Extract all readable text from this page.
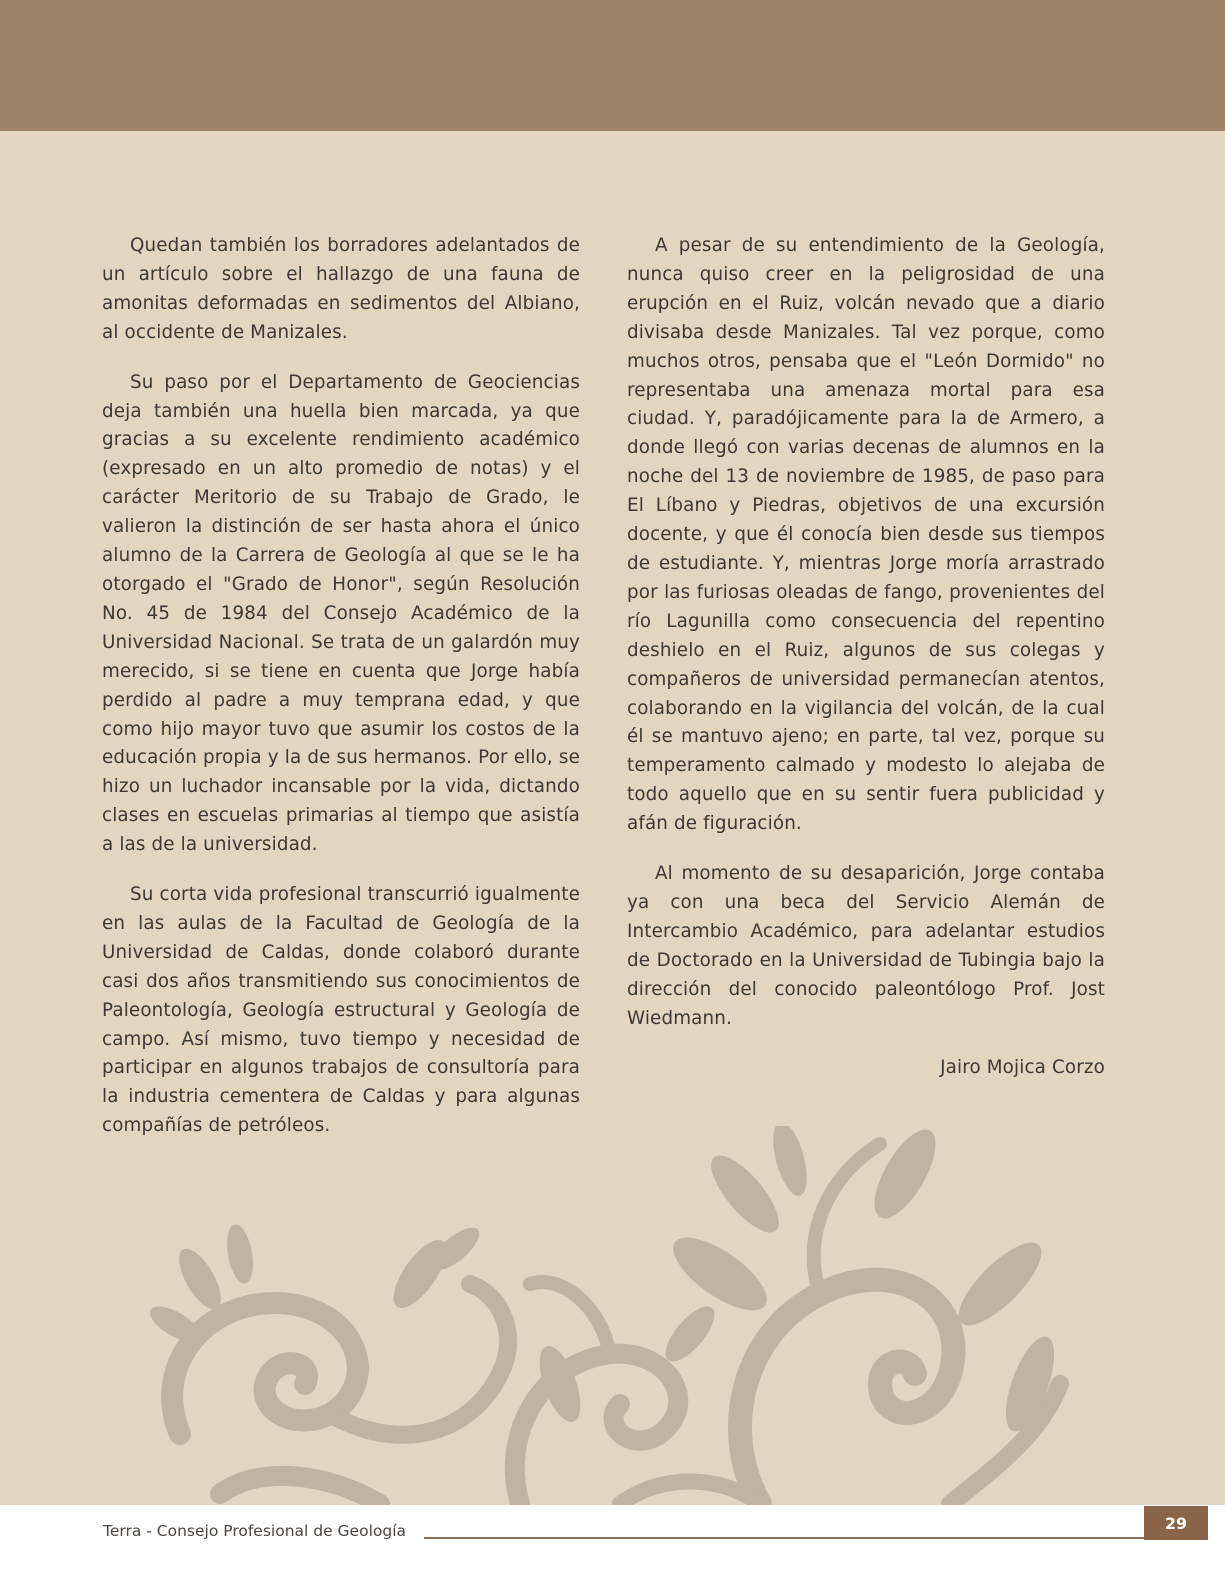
Quedan también los borradores adelantados de un artículo sobre el hallazgo de una fauna de amonitas deformadas en sedimentos del Albiano, al occidente de Manizales.

Su paso por el Departamento de Geociencias deja también una huella bien marcada, ya que gracias a su excelente rendimiento académico (expresado en un alto promedio de notas) y el carácter Meritorio de su Trabajo de Grado, le valieron la distinción de ser hasta ahora el único alumno de la Carrera de Geología al que se le ha otorgado el "Grado de Honor", según Resolución No. 45 de 1984 del Consejo Académico de la Universidad Nacional. Se trata de un galardón muy merecido, si se tiene en cuenta que Jorge había perdido al padre a muy temprana edad, y que como hijo mayor tuvo que asumir los costos de la educación propia y la de sus hermanos. Por ello, se hizo un luchador incansable por la vida, dictando clases en escuelas primarias al tiempo que asistía a las de la universidad.

Su corta vida profesional transcurrió igualmente en las aulas de la Facultad de Geología de la Universidad de Caldas, donde colaboró durante casi dos años transmitiendo sus conocimientos de Paleontología, Geología estructural y Geología de campo. Así mismo, tuvo tiempo y necesidad de participar en algunos trabajos de consultoría para la industria cementera de Caldas y para algunas compañías de petróleos.

A pesar de su entendimiento de la Geología, nunca quiso creer en la peligrosidad de una erupción en el Ruiz, volcán nevado que a diario divisaba desde Manizales. Tal vez porque, como muchos otros, pensaba que el "León Dormido" no representaba una amenaza mortal para esa ciudad. Y, paradójicamente para la de Armero, a donde llegó con varias decenas de alumnos en la noche del 13 de noviembre de 1985, de paso para El Líbano y Piedras, objetivos de una excursión docente, y que él conocía bien desde sus tiempos de estudiante. Y, mientras Jorge moría arrastrado por las furiosas oleadas de fango, provenientes del río Lagunilla como consecuencia del repentino deshielo en el Ruiz, algunos de sus colegas y compañeros de universidad permanecían atentos, colaborando en la vigilancia del volcán, de la cual él se mantuvo ajeno; en parte, tal vez, porque su temperamento calmado y modesto lo alejaba de todo aquello que en su sentir fuera publicidad y afán de figuración.

Al momento de su desaparición, Jorge contaba ya con una beca del Servicio Alemán de Intercambio Académico, para adelantar estudios de Doctorado en la Universidad de Tubingia bajo la dirección del conocido paleontólogo Prof. Jost Wiedmann.

Jairo Mojica Corzo

Terra - Consejo Profesional de Geología	29
